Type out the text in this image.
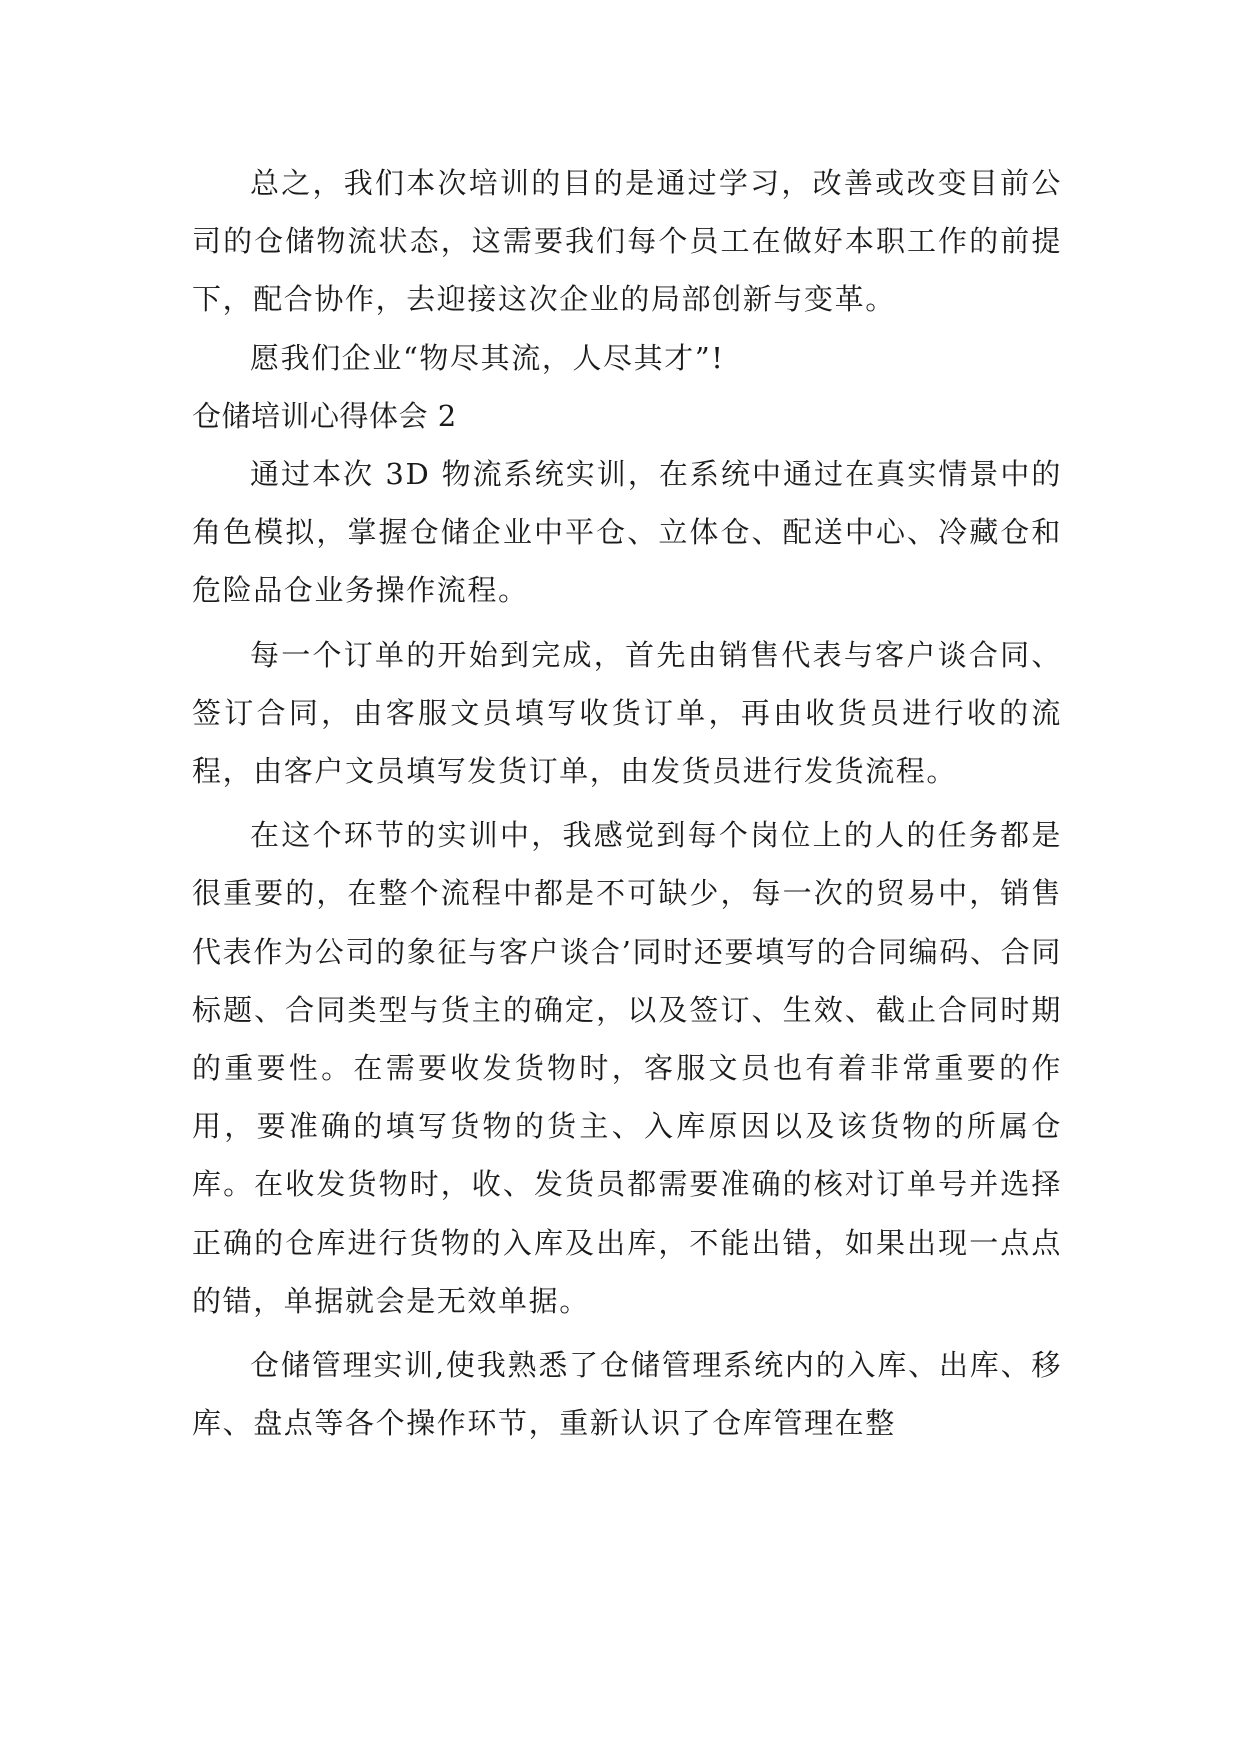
总之，我们本次培训的目的是通过学习，改善或改变目前公司的仓储物流状态，这需要我们每个员工在做好本职工作的前提下，配合协作，去迎接这次企业的局部创新与变革。

愿我们企业“物尽其流，人尽其才”!

仓储培训心得体会 2

通过本次 3D 物流系统实训，在系统中通过在真实情景中的角色模拟，掌握仓储企业中平仓、立体仓、配送中心、冷藏仓和危险品仓业务操作流程。

每一个订单的开始到完成，首先由销售代表与客户谈合同、签订合同，由客服文员填写收货订单，再由收货员进行收的流程，由客户文员填写发货订单，由发货员进行发货流程。

在这个环节的实训中，我感觉到每个岗位上的人的任务都是很重要的，在整个流程中都是不可缺少，每一次的贸易中，销售代表作为公司的象征与客户谈合’同时还要填写的合同编码、合同标题、合同类型与货主的确定，以及签订、生效、截止合同时期的重要性。在需要收发货物时，客服文员也有着非常重要的作用，要准确的填写货物的货主、入库原因以及该货物的所属仓库。在收发货物时，收、发货员都需要准确的核对订单号并选择正确的仓库进行货物的入库及出库，不能出错，如果出现一点点的错，单据就会是无效单据。

仓储管理实训,使我熟悉了仓储管理系统内的入库、出库、移库、盘点等各个操作环节，重新认识了仓库管理在整
